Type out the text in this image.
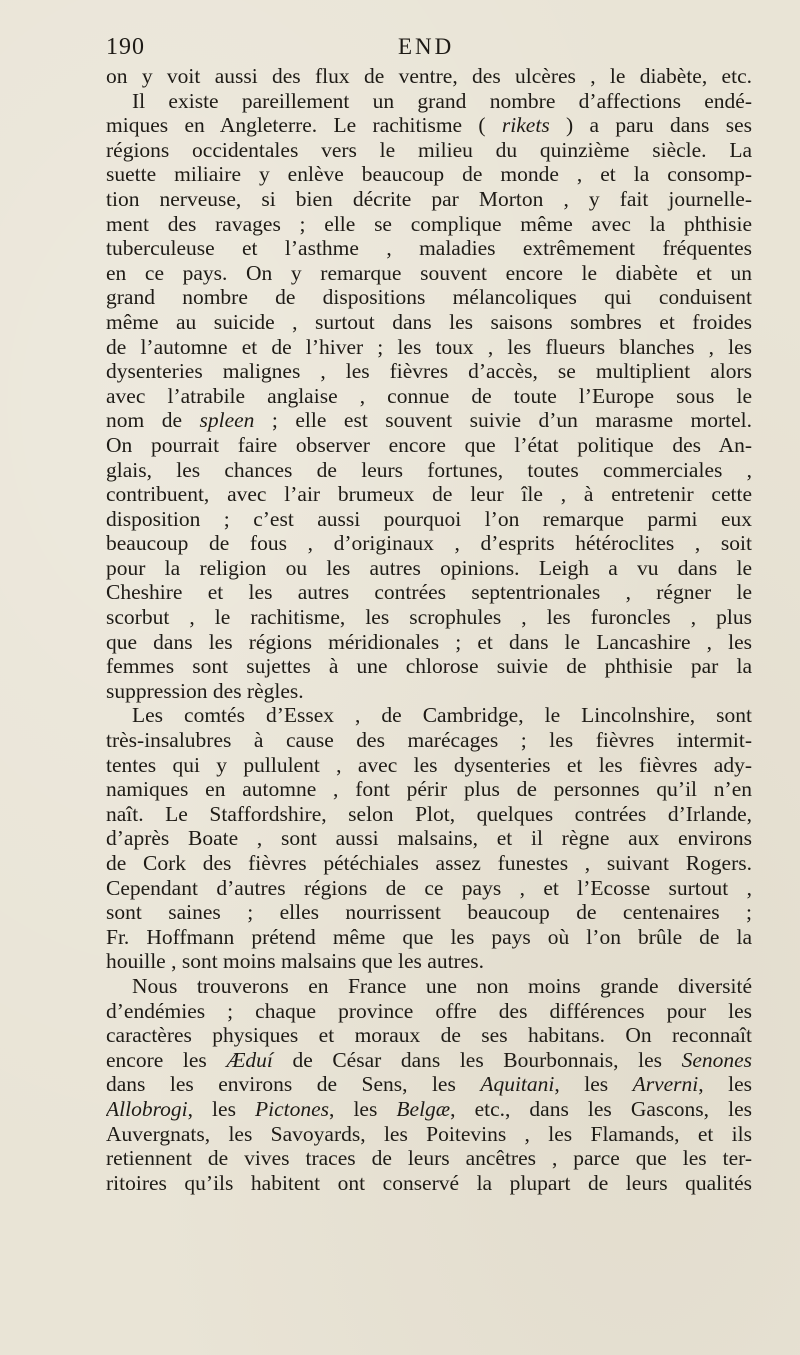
190	END
on y voit aussi des flux de ventre, des ulcères , le diabète, etc.
Il existe pareillement un grand nombre d’affections endé-
miques en Angleterre. Le rachitisme ( rikets ) a paru dans ses
régions occidentales vers le milieu du quinzième siècle. La
suette miliaire y enlève beaucoup de monde , et la consomp-
tion nerveuse, si bien décrite par Morton , y fait journelle-
ment des ravages ; elle se complique même avec la phthisie
tuberculeuse et l’asthme , maladies extrêmement fréquentes
en ce pays. On y remarque souvent encore le diabète et un
grand nombre de dispositions mélancoliques qui conduisent
même au suicide , surtout dans les saisons sombres et froides
de l’automne et de l’hiver ; les toux , les flueurs blanches , les
dysenteries malignes , les fièvres d’accès, se multiplient alors
avec l’atrabile anglaise , connue de toute l’Europe sous le
nom de spleen ; elle est souvent suivie d’un marasme mortel.
On pourrait faire observer encore que l’état politique des An-
glais, les chances de leurs fortunes, toutes commerciales ,
contribuent, avec l’air brumeux de leur île , à entretenir cette
disposition ; c’est aussi pourquoi l’on remarque parmi eux
beaucoup de fous , d’originaux , d’esprits hétéroclites , soit
pour la religion ou les autres opinions. Leigh a vu dans le
Cheshire et les autres contrées septentrionales , régner le
scorbut , le rachitisme, les scrophules , les furoncles , plus
que dans les régions méridionales ; et dans le Lancashire , les
femmes sont sujettes à une chlorose suivie de phthisie par la
suppression des règles.
Les comtés d’Essex , de Cambridge, le Lincolnshire, sont
très-insalubres à cause des marécages ; les fièvres intermit-
tentes qui y pullulent , avec les dysenteries et les fièvres ady-
namiques en automne , font périr plus de personnes qu’il n’en
naît. Le Staffordshire, selon Plot, quelques contrées d’Irlande,
d’après Boate , sont aussi malsains, et il règne aux environs
de Cork des fièvres pétéchiales assez funestes , suivant Rogers.
Cependant d’autres régions de ce pays , et l’Ecosse surtout ,
sont saines ; elles nourrissent beaucoup de centenaires ;
Fr. Hoffmann prétend même que les pays où l’on brûle de la
houille , sont moins malsains que les autres.
Nous trouverons en France une non moins grande diversité
d’endémies ; chaque province offre des différences pour les
caractères physiques et moraux de ses habitans. On reconnaît
encore les Æduí de César dans les Bourbonnais, les Senones
dans les environs de Sens, les Aquitani, les Arverni, les
Allobrogi, les Pictones, les Belgæ, etc., dans les Gascons, les
Auvergnats, les Savoyards, les Poitevins , les Flamands, et ils
retiennent de vives traces de leurs ancêtres , parce que les ter-
ritoires qu’ils habitent ont conservé la plupart de leurs qualités
